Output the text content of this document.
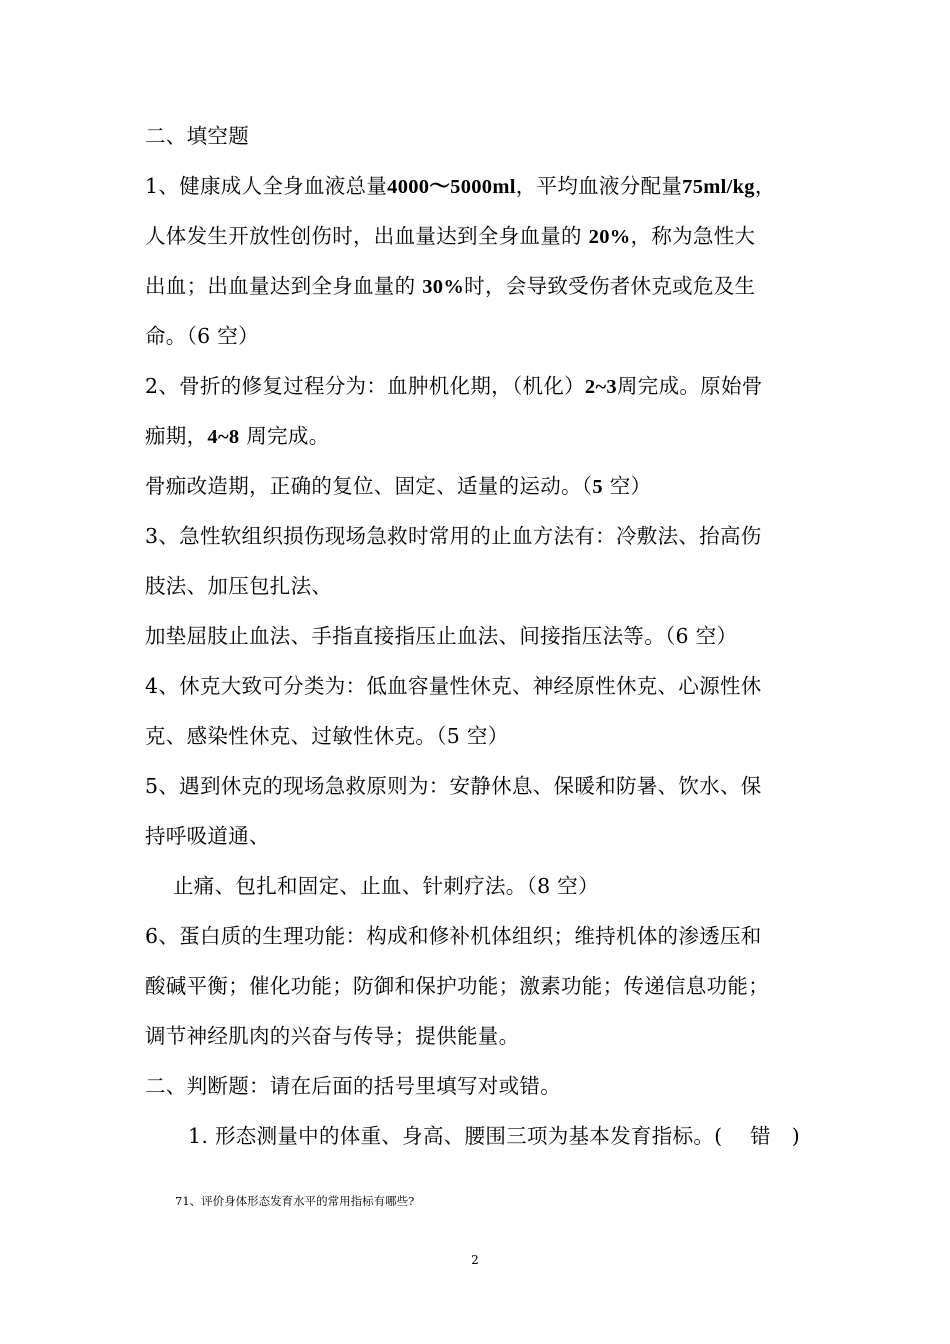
二、填空题
1、健康成人全身血液总量4000～5000ml，平均血液分配量75ml/kg，
人体发生开放性创伤时，出血量达到全身血量的 20%，称为急性大
出血；出血量达到全身血量的 30%时，会导致受伤者休克或危及生
命。（6 空）
2、骨折的修复过程分为：血肿机化期，（机化）2~3周完成。原始骨
痂期，4~8 周完成。
骨痂改造期，正确的复位、固定、适量的运动。（5 空）
3、急性软组织损伤现场急救时常用的止血方法有：冷敷法、抬高伤
肢法、加压包扎法、
加垫屈肢止血法、手指直接指压止血法、间接指压法等。（6 空）
4、休克大致可分类为：低血容量性休克、神经原性休克、心源性休
克、感染性休克、过敏性休克。（5 空）
5、遇到休克的现场急救原则为：安静休息、保暖和防暑、饮水、保
持呼吸道通、
止痛、包扎和固定、止血、针刺疗法。（8 空）
6、蛋白质的生理功能：构成和修补机体组织；维持机体的渗透压和
酸碱平衡；催化功能；防御和保护功能；激素功能；传递信息功能；
调节神经肌肉的兴奋与传导；提供能量。
二、判断题：请在后面的括号里填写对或错。
1. 形态测量中的体重、身高、腰围三项为基本发育指标。(　 错　)
71、评价身体形态发育水平的常用指标有哪些?
2
